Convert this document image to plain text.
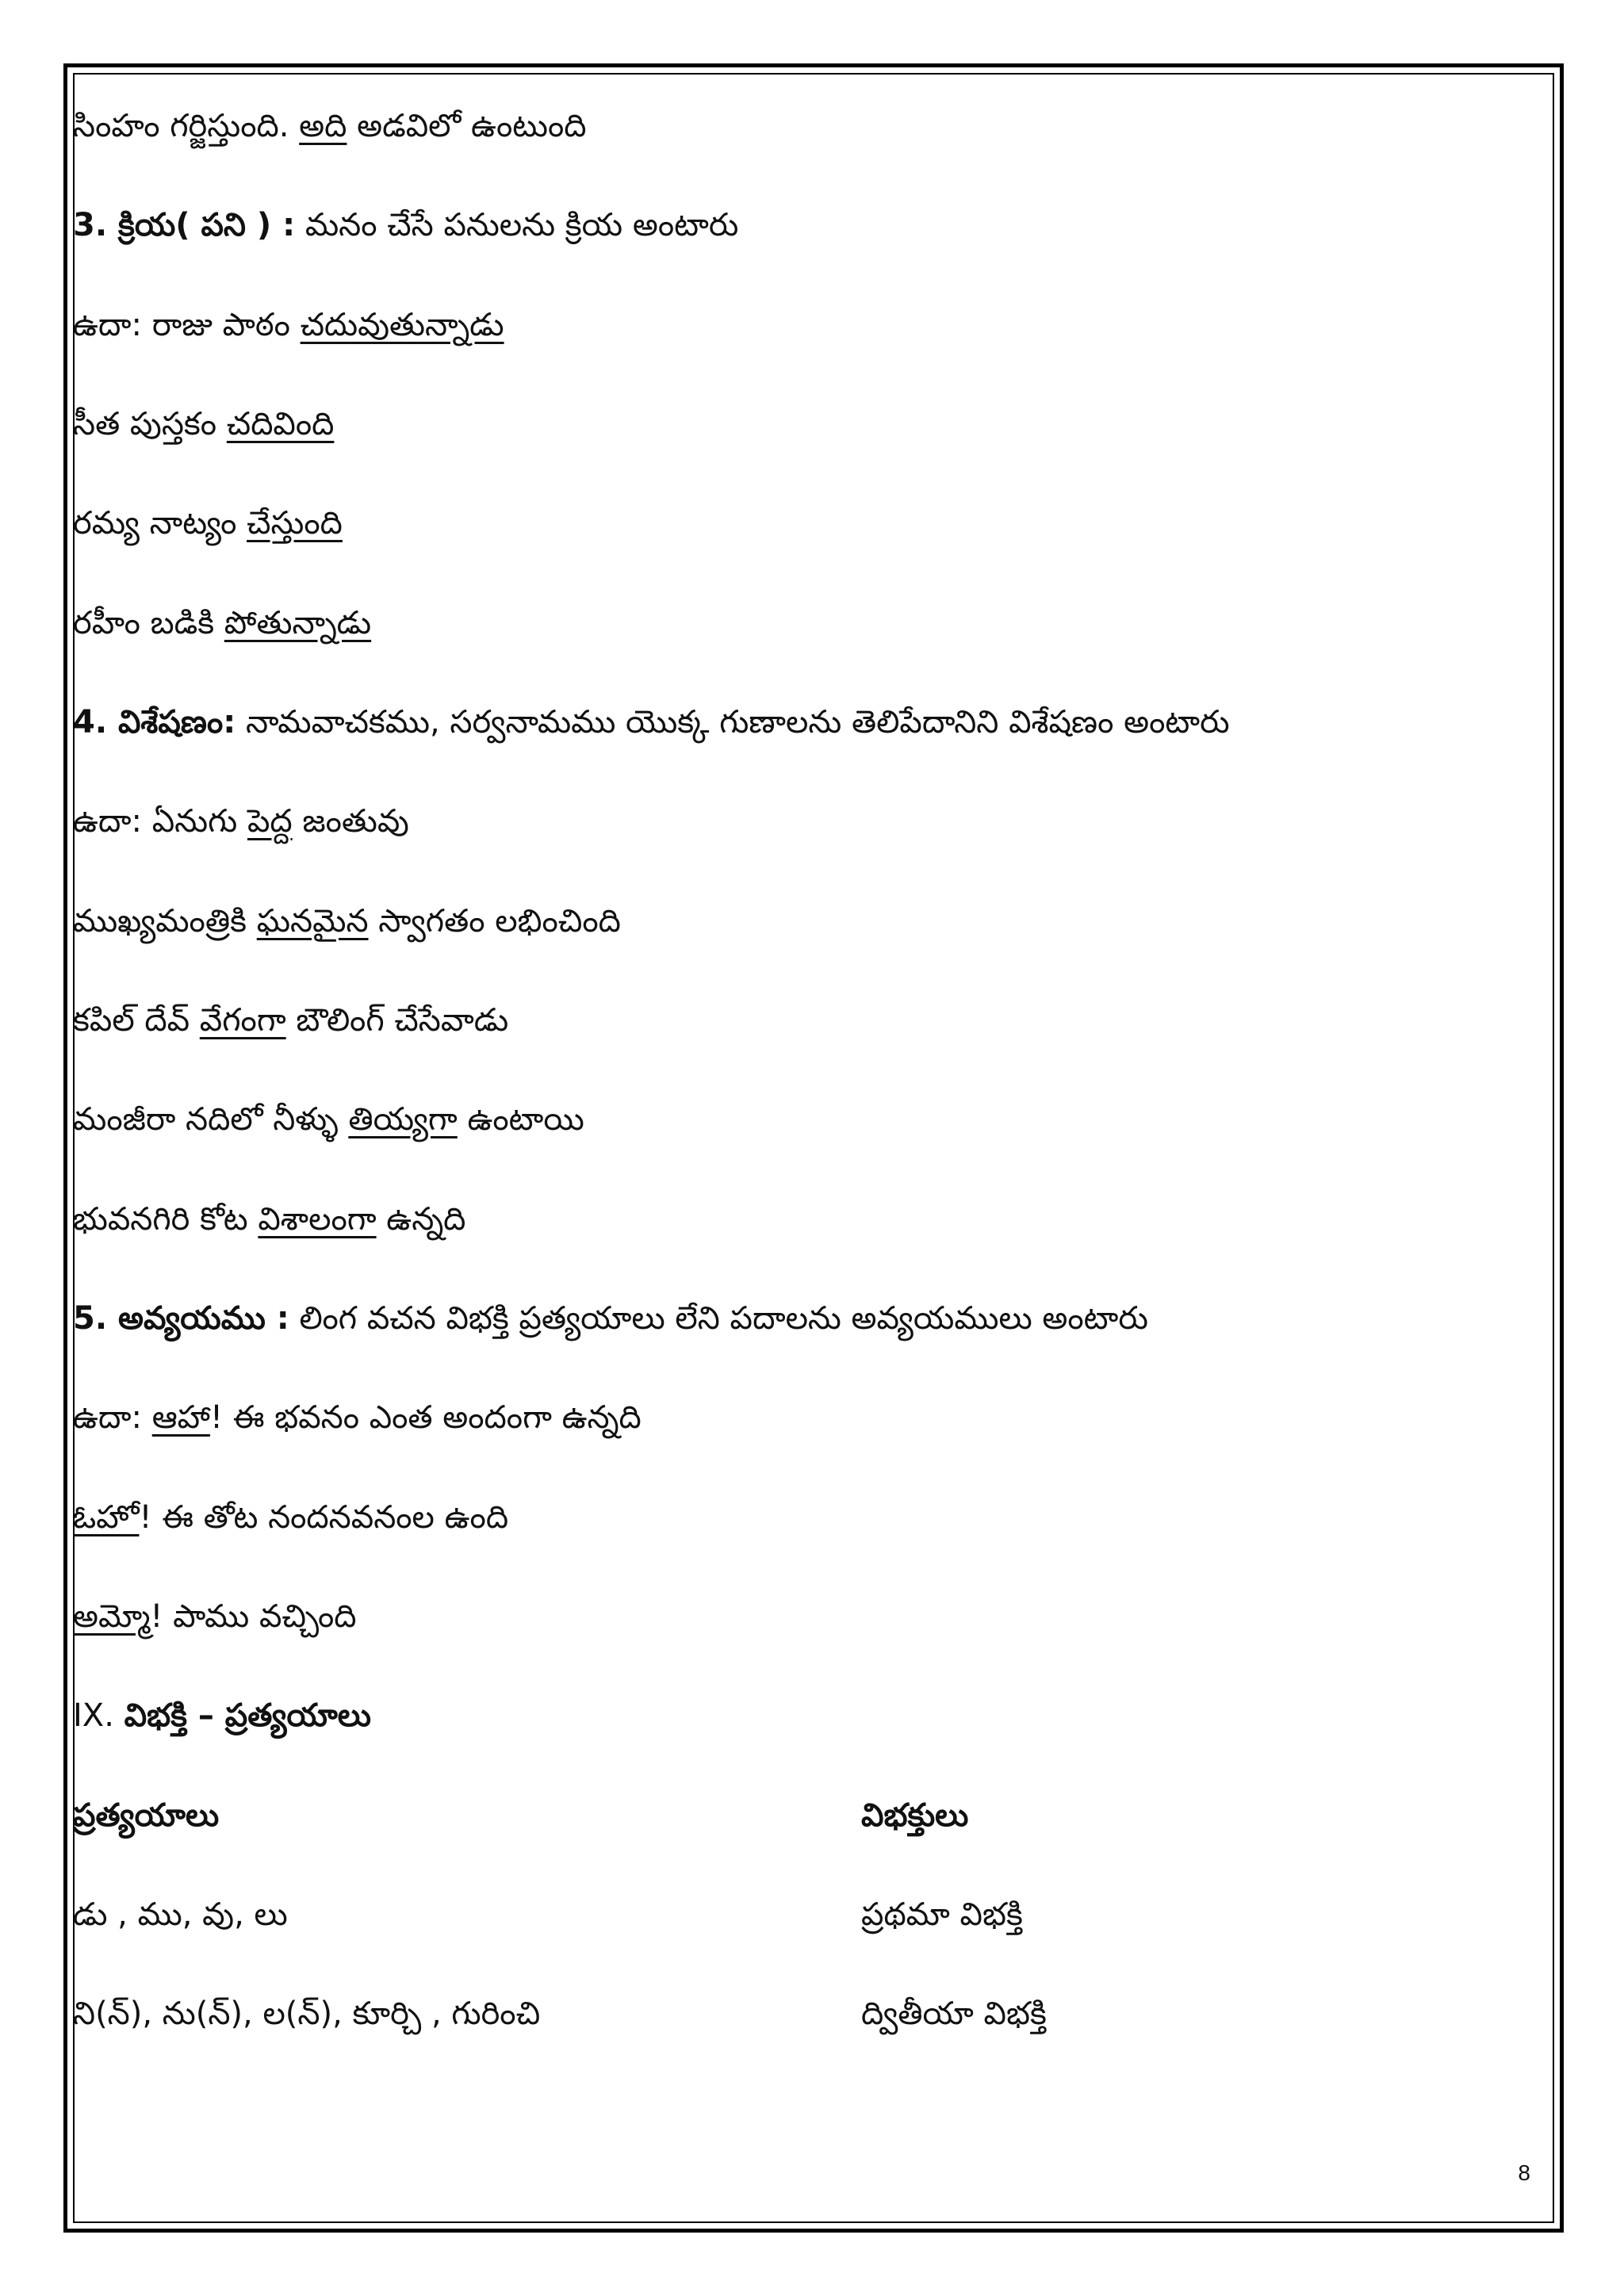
సింహం గర్జిస్తుంది. అది అడవిలో ఉంటుంది
3. క్రియ( పని ) : మనం చేసే పనులను క్రియ అంటారు
ఉదా: రాజు పాఠం చదువుతున్నాడు
సీత పుస్తకం చదివింది
రమ్య నాట్యం చేస్తుంది
రహీం బడికి పోతున్నాడు
4. విశేషణం: నామవాచకము, సర్వనామము యొక్క గుణాలను తెలిపేదానిని విశేషణం అంటారు
ఉదా: ఏనుగు పెద్ద జంతువు
ముఖ్యమంత్రికి ఘనమైన స్వాగతం లభించింది
కపిల్ దేవ్ వేగంగా బౌలింగ్ చేసేవాడు
మంజీరా నదిలో నీళ్ళు తియ్యగా ఉంటాయి
భువనగిరి కోట విశాలంగా ఉన్నది
5. అవ్యయము : లింగ వచన విభక్తి ప్రత్యయాలు లేని పదాలను అవ్యయములు అంటారు
ఉదా: ఆహా! ఈ భవనం ఎంత అందంగా ఉన్నది
ఓహో! ఈ తోట నందనవనంల ఉంది
అమ్మో! పాము వచ్చింది
IX. విభక్తి – ప్రత్యయాలు
ప్రత్యయాలు	విభక్తులు
డు , ము, వు, లు	ప్రథమా విభక్తి
ని(న్), ను(న్), ల(న్), కూర్చి , గురించి	ద్వితీయా విభక్తి
8
